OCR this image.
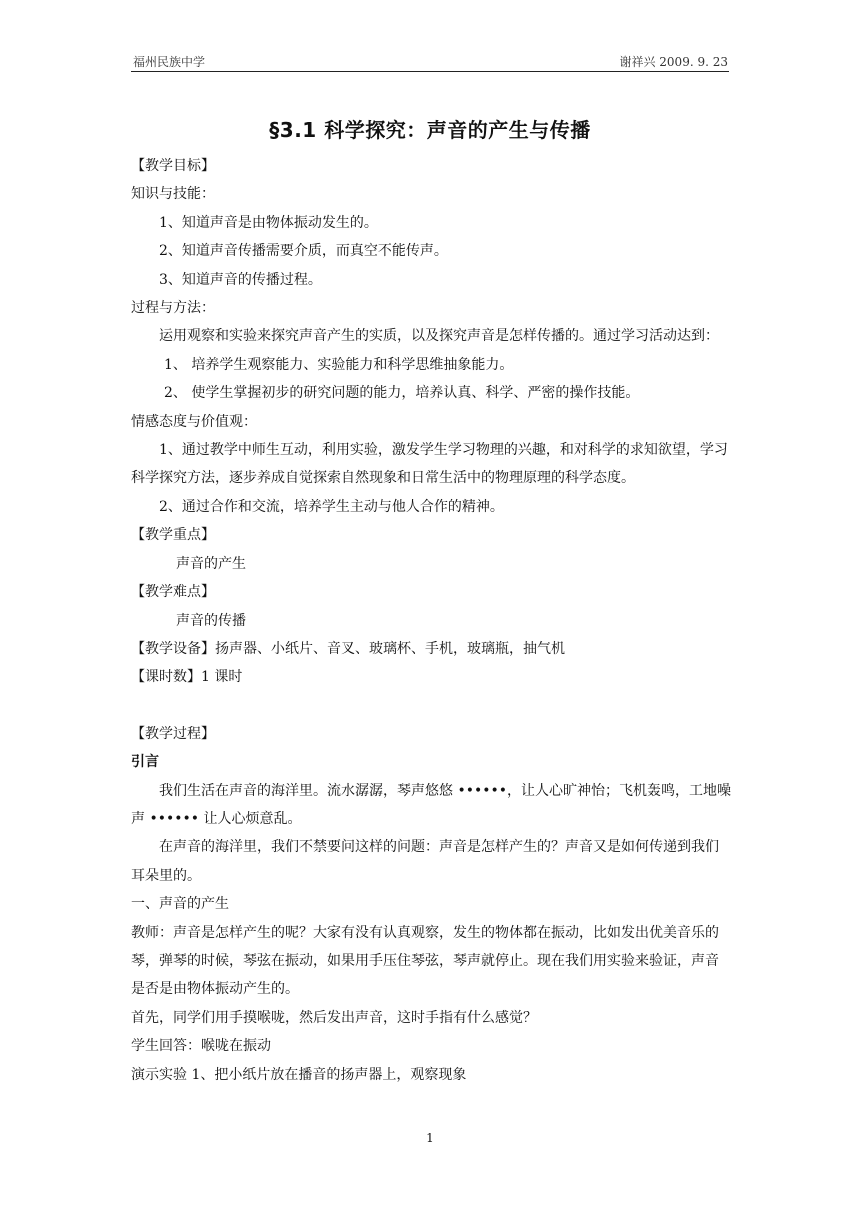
福州民族中学	谢祥兴 2009. 9. 23
§3.1 科学探究：声音的产生与传播

【教学目标】

知识与技能：

1、知道声音是由物体振动发生的。

2、知道声音传播需要介质，而真空不能传声。

3、知道声音的传播过程。

过程与方法：

运用观察和实验来探究声音产生的实质，以及探究声音是怎样传播的。通过学习活动达到：

1、 培养学生观察能力、实验能力和科学思维抽象能力。

2、 使学生掌握初步的研究问题的能力，培养认真、科学、严密的操作技能。

情感态度与价值观：

1、通过教学中师生互动，利用实验，激发学生学习物理的兴趣，和对科学的求知欲望，学习科学探究方法，逐步养成自觉探索自然现象和日常生活中的物理原理的科学态度。

2、通过合作和交流，培养学生主动与他人合作的精神。

【教学重点】

声音的产生

【教学难点】

声音的传播

【教学设备】扬声器、小纸片、音叉、玻璃杯、手机，玻璃瓶，抽气机

【课时数】1 课时

【教学过程】

引言

我们生活在声音的海洋里。流水潺潺，琴声悠悠 ••••••，让人心旷神怡；飞机轰鸣，工地噪声 •••••• 让人心烦意乱。

在声音的海洋里，我们不禁要问这样的问题：声音是怎样产生的？声音又是如何传递到我们耳朵里的。

一、声音的产生

教师：声音是怎样产生的呢？大家有没有认真观察，发生的物体都在振动，比如发出优美音乐的琴，弹琴的时候，琴弦在振动，如果用手压住琴弦，琴声就停止。现在我们用实验来验证，声音是否是由物体振动产生的。

首先，同学们用手摸喉咙，然后发出声音，这时手指有什么感觉？

学生回答：喉咙在振动

演示实验 1、把小纸片放在播音的扬声器上，观察现象

1
